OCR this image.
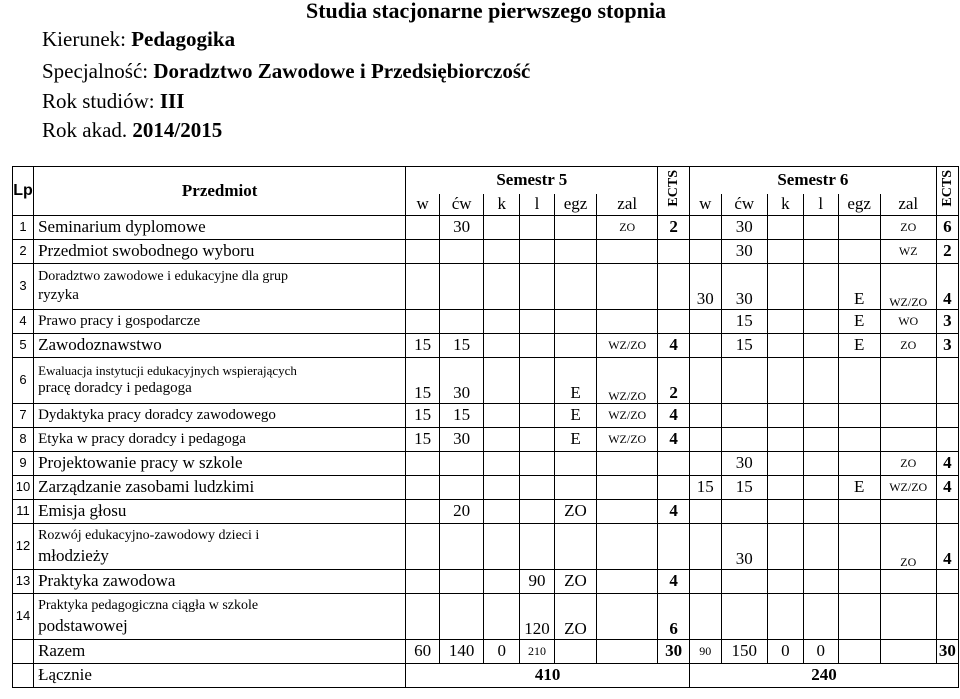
Studia stacjonarne pierwszego stopnia
Kierunek: Pedagogika
Specjalność: Doradztwo Zawodowe i Przedsiębiorczość
Rok studiów: III
Rok akad. 2014/2015
Lp	Przedmiot	Semestr 5						ECTS	Semestr 6						ECTS
		w	ćw	k	l	egz	zal		w	ćw	k	l	egz	zal	
1	Seminarium dyplomowe		30				ZO	2		30				ZO	6
2	Przedmiot swobodnego wyboru									30				WZ	2
3	Doradztwo zawodowe i edukacyjne dla grup
ryzyka								30	30			E	WZ/ZO	4
4	Prawo pracy i gospodarcze									15			E	WO	3
5	Zawodoznawstwo	15	15				WZ/ZO	4		15			E	ZO	3
6	Ewaluacja instytucji edukacyjnych wspierających
pracę doradcy i pedagoga	15	30			E	WZ/ZO	2							
7	Dydaktyka pracy doradcy zawodowego	15	15			E	WZ/ZO	4							
8	Etyka w pracy doradcy i pedagoga	15	30			E	WZ/ZO	4							
9	Projektowanie pracy w szkole									30				ZO	4
10	Zarządzanie zasobami ludzkimi								15	15			E	WZ/ZO	4
11	Emisja głosu		20			ZO		4							
12	Rozwój edukacyjno-zawodowy dzieci i
młodzieży									30				ZO	4
13	Praktyka zawodowa				90	ZO		4							
14	Praktyka pedagogiczna ciągła w szkole
podstawowej				120	ZO		6							
	Razem	60	140	0	210			30	90	150	0	0			30
	Łącznie	410							240						
